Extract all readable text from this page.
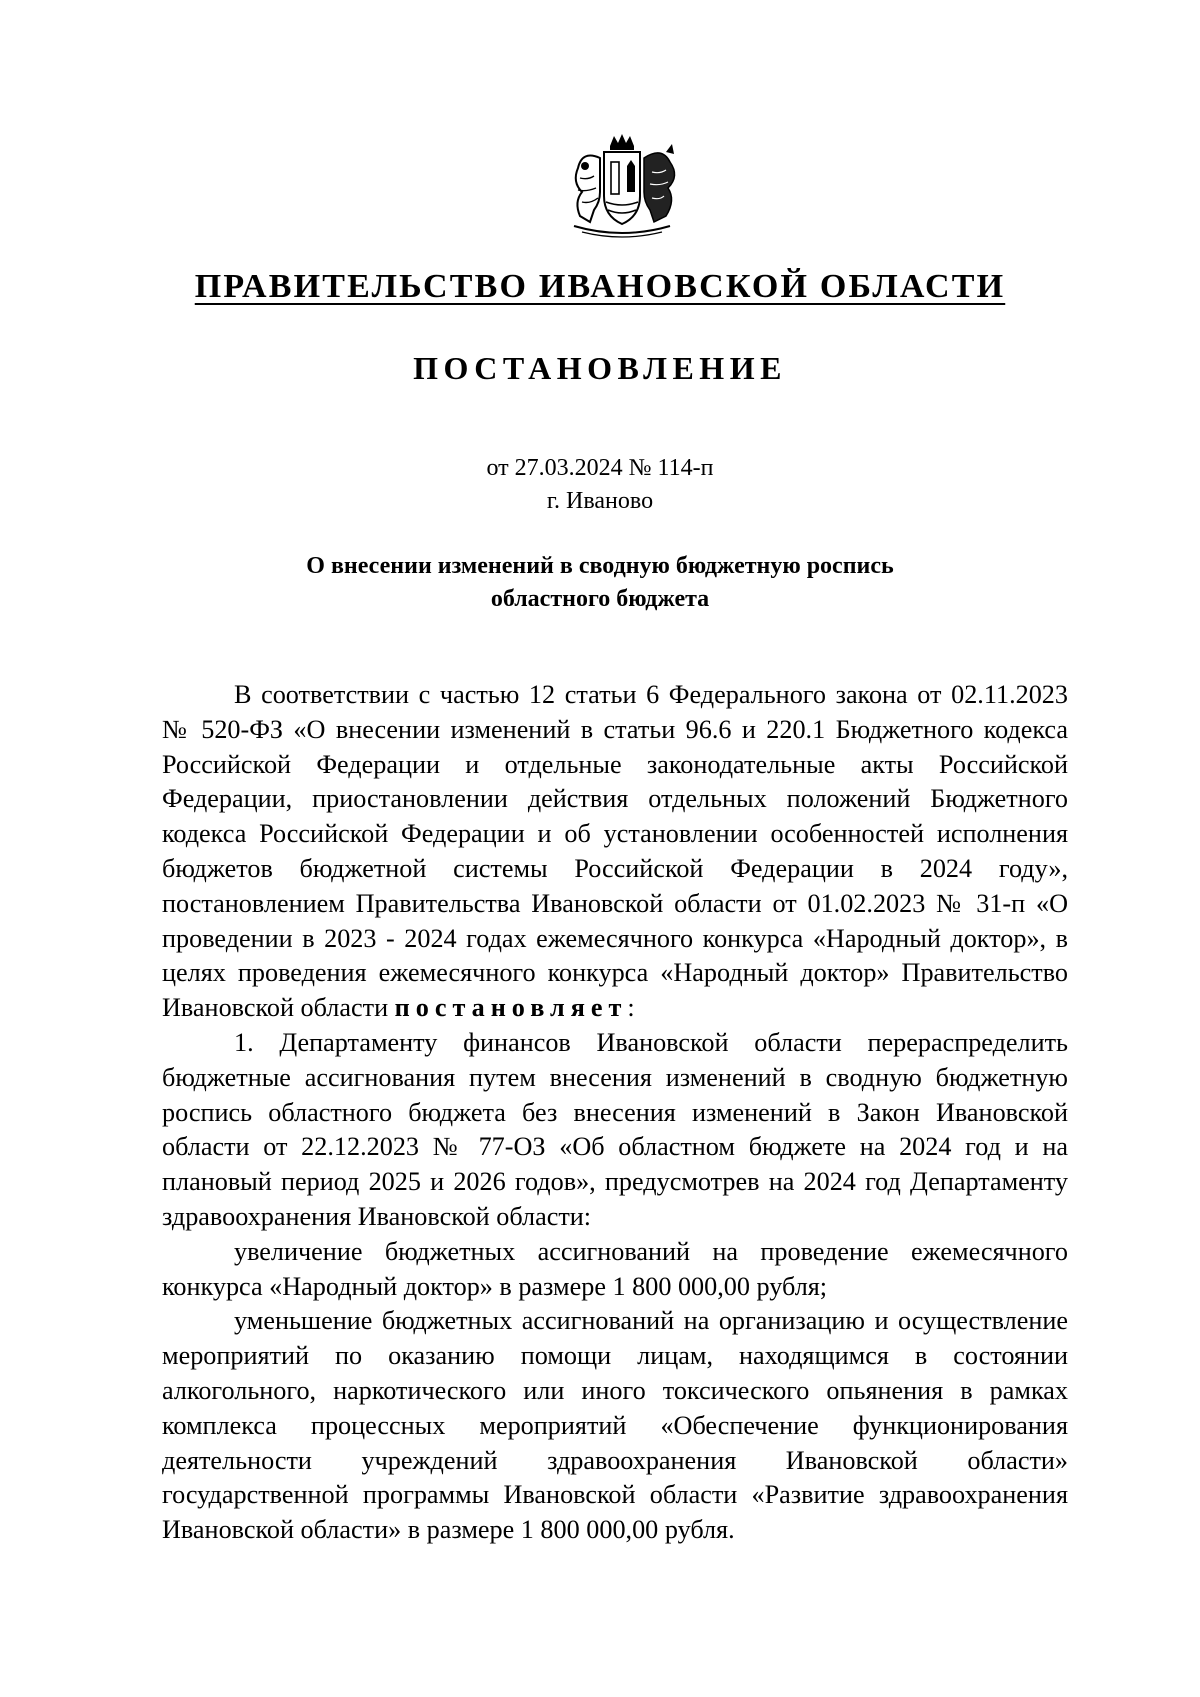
ПРАВИТЕЛЬСТВО ИВАНОВСКОЙ ОБЛАСТИ
ПОСТАНОВЛЕНИЕ
от 27.03.2024 № 114-п
г. Иваново
О внесении изменений в сводную бюджетную роспись
областного бюджета

В соответствии с частью 12 статьи 6 Федерального закона от 02.11.2023 № 520-ФЗ «О внесении изменений в статьи 96.6 и 220.1 Бюджетного кодекса Российской Федерации и отдельные законодательные акты Российской Федерации, приостановлении действия отдельных положений Бюджетного кодекса Российской Федерации и об установлении особенностей исполнения бюджетов бюджетной системы Российской Федерации в 2024 году», постановлением Правительства Ивановской области от 01.02.2023 № 31-п «О проведении в 2023 - 2024 годах ежемесячного конкурса «Народный доктор», в целях проведения ежемесячного конкурса «Народный доктор» Правительство Ивановской области постановляет:

1. Департаменту финансов Ивановской области перераспределить бюджетные ассигнования путем внесения изменений в сводную бюджетную роспись областного бюджета без внесения изменений в Закон Ивановской области от 22.12.2023 № 77-ОЗ «Об областном бюджете на 2024 год и на плановый период 2025 и 2026 годов», предусмотрев на 2024 год Департаменту здравоохранения Ивановской области:

увеличение бюджетных ассигнований на проведение ежемесячного конкурса «Народный доктор» в размере 1 800 000,00 рубля;

уменьшение бюджетных ассигнований на организацию и осуществление мероприятий по оказанию помощи лицам, находящимся в состоянии алкогольного, наркотического или иного токсического опьянения в рамках комплекса процессных мероприятий «Обеспечение функционирования деятельности учреждений здравоохранения Ивановской области» государственной программы Ивановской области «Развитие здравоохранения Ивановской области» в размере 1 800 000,00 рубля.
